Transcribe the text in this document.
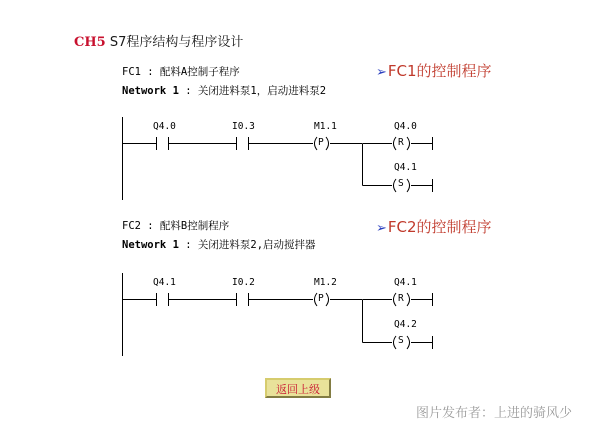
CH5 S7程序结构与程序设计
FC1 : 配料A控制子程序
Network 1 : 关闭进料泵1，启动进料泵2
➢FC1的控制程序
Q4.0	I0.3	M1.1	Q4.0
Q4.1
P	R
S
FC2 : 配料B控制程序
Network 1 : 关闭进料泵2,启动搅拌器
➢FC2的控制程序
Q4.1	I0.2	M1.2	Q4.1
Q4.2
P	R
S
返回上级
图片发布者：上进的骑风少
